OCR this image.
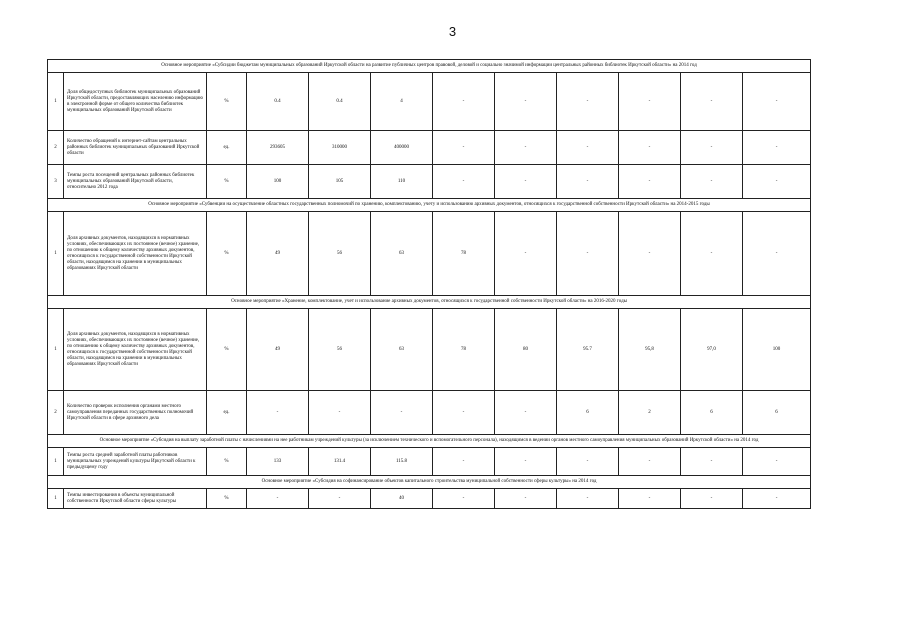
3
Основное мероприятие «Субсидии бюджетам муниципальных образований Иркутской области на развитие публичных центров правовой, деловой и социально значимой информации центральных районных библиотек Иркутской области» на 2014 год											
1	Доля общедоступных библиотек муниципальных образований Иркутской области, предоставляющих населению информацию в электронной форме от общего количества библиотек муниципальных образований Иркутской области	%	0.4	0.4	4	-	-	-	-	-	-
2	Количество обращений к интернет-сайтам центральных районных библиотек муниципальных образований Иркутской области	ед.	293605	310000	400000	-	-	-	-	-	-
3	Темпы роста посещений центральных районных библиотек муниципальных образований Иркутской области, относительно 2012 года	%	100	105	110	-	-	-	-	-	-
Основное мероприятие «Субвенции на осуществление областных государственных полномочий по хранению, комплектованию, учету и использованию архивных документов, относящихся к государственной собственности Иркутской области» на 2014-2015 годы											
1	Доля архивных документов, находящихся в нормативных условиях, обеспечивающих их постоянное (вечное) хранение, по отношению к общему количеству архивных документов, относящихся к государственной собственности Иркутской области, находящимся на хранении в муниципальных образованиях Иркутской области	%	49	56	63	78	-	-	-	-	-
Основное мероприятие «Хранение, комплектование, учет и использование архивных документов, относящихся к государственной собственности Иркутской области» на 2016-2020 годы											
1	Доля архивных документов, находящихся в нормативных условиях, обеспечивающих их постоянное (вечное) хранение, по отношению к общему количеству архивных документов, относящихся к государственной собственности Иркутской области, находящимся на хранении в муниципальных образованиях Иркутской области	%	49	56	63	78	80	95.7	95,8	97,0	100
2	Количество проверок исполнения органами местного самоуправления переданных государственных полномочий Иркутской области в сфере архивного дела	ед.	-	-	-	-	-	6	2	6	6
Основное мероприятие «Субсидия на выплату заработной платы с начислениями на нее работникам учреждений культуры (за исключением технического и вспомогательного персонала), находящимся в ведении органов местного самоуправления муниципальных образований Иркутской области» на 2014 год											
1	Темпы роста средней заработной платы работников муниципальных учреждений культуры Иркутской области к предыдущему году	%	133	131.4	115.8	-	-	-	-	-	-
Основное мероприятие «Субсидия на софинансирование объектов капитального строительства муниципальной собственности сферы культуры» на 2014 год											
1	Темпы инвестирования в объекты муниципальной собственности Иркутской области сферы культуры	%	-	-	40	-	-	-	-	-	-
